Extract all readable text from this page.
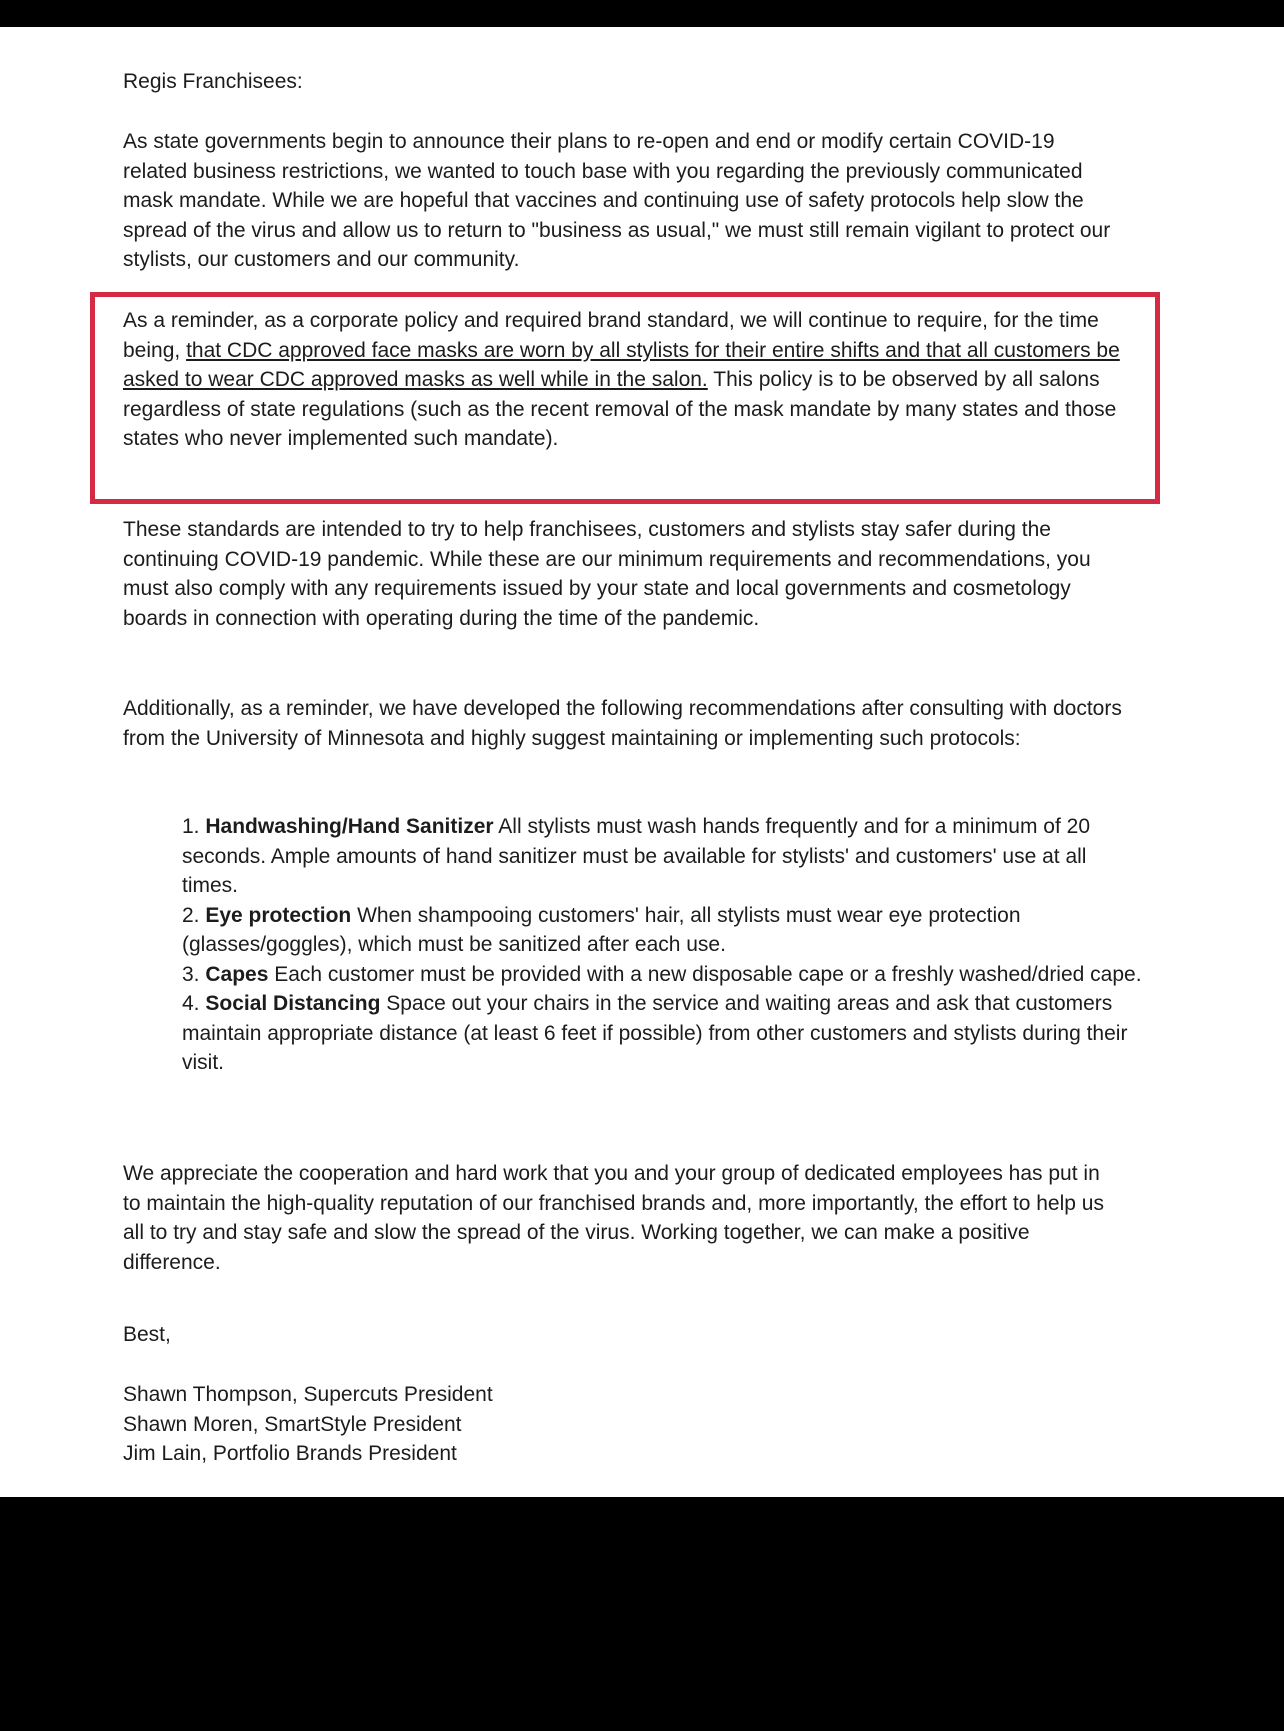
Regis Franchisees:

As state governments begin to announce their plans to re-open and end or modify certain COVID-19 related business restrictions, we wanted to touch base with you regarding the previously communicated mask mandate. While we are hopeful that vaccines and continuing use of safety protocols help slow the spread of the virus and allow us to return to "business as usual," we must still remain vigilant to protect our stylists, our customers and our community.

As a reminder, as a corporate policy and required brand standard, we will continue to require, for the time being, that CDC approved face masks are worn by all stylists for their entire shifts and that all customers be asked to wear CDC approved masks as well while in the salon. This policy is to be observed by all salons regardless of state regulations (such as the recent removal of the mask mandate by many states and those states who never implemented such mandate).

These standards are intended to try to help franchisees, customers and stylists stay safer during the continuing COVID-19 pandemic. While these are our minimum requirements and recommendations, you must also comply with any requirements issued by your state and local governments and cosmetology boards in connection with operating during the time of the pandemic.

Additionally, as a reminder, we have developed the following recommendations after consulting with doctors from the University of Minnesota and highly suggest maintaining or implementing such protocols:

1. Handwashing/Hand Sanitizer All stylists must wash hands frequently and for a minimum of 20 seconds. Ample amounts of hand sanitizer must be available for stylists' and customers' use at all times.
2. Eye protection When shampooing customers' hair, all stylists must wear eye protection (glasses/goggles), which must be sanitized after each use.
3. Capes Each customer must be provided with a new disposable cape or a freshly washed/dried cape.
4. Social Distancing Space out your chairs in the service and waiting areas and ask that customers maintain appropriate distance (at least 6 feet if possible) from other customers and stylists during their visit.

We appreciate the cooperation and hard work that you and your group of dedicated employees has put in to maintain the high-quality reputation of our franchised brands and, more importantly, the effort to help us all to try and stay safe and slow the spread of the virus. Working together, we can make a positive difference.

Best,

Shawn Thompson, Supercuts President
Shawn Moren, SmartStyle President
Jim Lain, Portfolio Brands President
